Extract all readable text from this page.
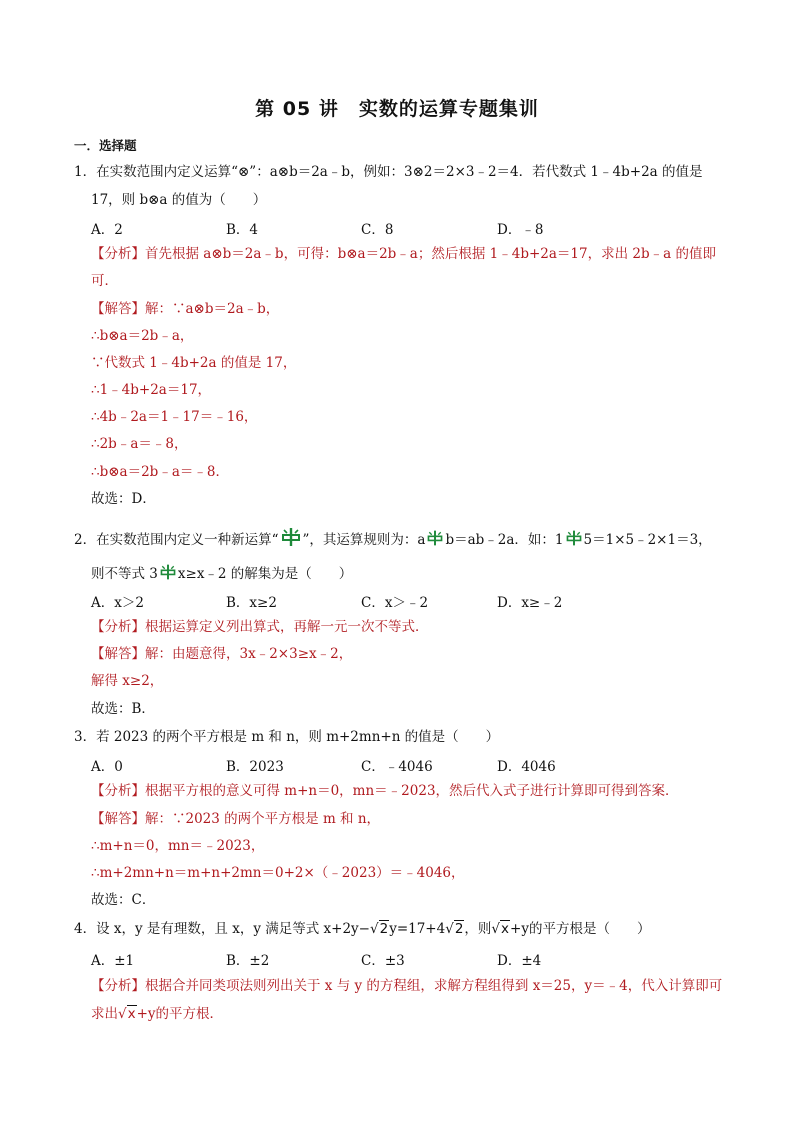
第 05 讲　实数的运算专题集训
一．选择题
1．在实数范围内定义运算“⊗”：a⊗b＝2a﹣b，例如：3⊗2＝2×3﹣2＝4．若代数式 1﹣4b+2a 的值是
17，则 b⊗a 的值为（　　）
A．2	B．4	C．8	D．﹣8
【分析】首先根据 a⊗b＝2a﹣b，可得：b⊗a＝2b﹣a；然后根据 1﹣4b+2a＝17，求出 2b﹣a 的值即
可．
【解答】解：∵a⊗b＝2a﹣b，
∴b⊗a＝2b﹣a，
∵代数式 1﹣4b+2a 的值是 17，
∴1﹣4b+2a＝17，
∴4b﹣2a＝1﹣17＝﹣16，
∴2b﹣a＝﹣8，
∴b⊗a＝2b﹣a＝﹣8．
故选：D．
2．在实数范围内定义一种新运算“ ”，其运算规则为：a b＝ab﹣2a．如：1 5＝1×5﹣2×1＝3，
则不等式 3 x≥x﹣2 的解集为是（　　）
A．x＞2	B．x≥2	C．x＞﹣2	D．x≥﹣2
【分析】根据运算定义列出算式，再解一元一次不等式．
【解答】解：由题意得，3x﹣2×3≥x﹣2，
解得 x≥2，
故选：B．
3．若 2023 的两个平方根是 m 和 n，则 m+2mn+n 的值是（　　）
A．0	B．2023	C．﹣4046	D．4046
【分析】根据平方根的意义可得 m+n＝0，mn＝﹣2023，然后代入式子进行计算即可得到答案．
【解答】解：∵2023 的两个平方根是 m 和 n，
∴m+n＝0，mn＝﹣2023，
∴m+2mn+n＝m+n+2mn＝0+2×（﹣2023）＝﹣4046，
故选：C．
4．设 x，y 是有理数，且 x，y 满足等式 x+2y−√2y=17+4√2，则√x+y的平方根是（　　）
A．±1	B．±2	C．±3	D．±4
【分析】根据合并同类项法则列出关于 x 与 y 的方程组，求解方程组得到 x＝25，y＝﹣4，代入计算即可
求出√x+y的平方根．
